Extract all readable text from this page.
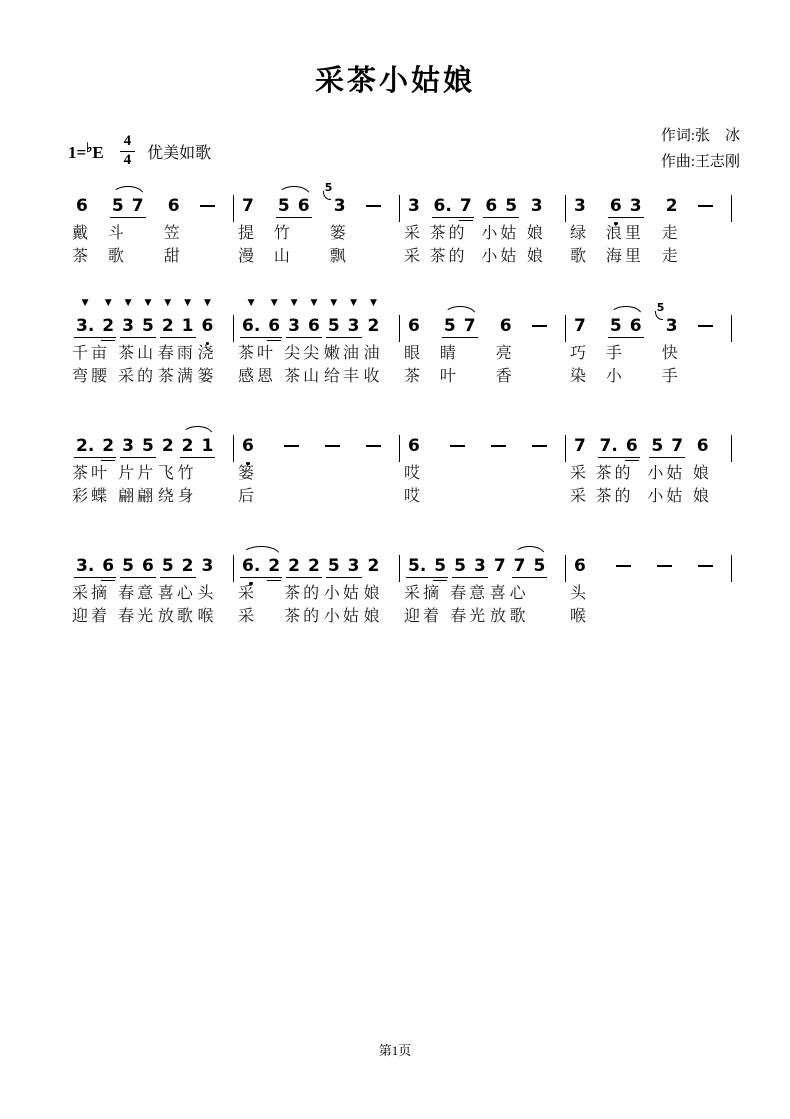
采茶小姑娘
$1=^♭E \frac{4}{4}$ 优美如歌
作词:张　冰
作曲:王志刚
6
戴
茶
5 7
斗
歌
6
笠
甜
7
提
漫
5 6
竹
山
3
5
篓
飘
3
采
采
6. 7
茶的
茶的
6 5
小姑
小姑
3
娘
娘
3
绿
歌
6 3
浪里
海里
2
走
走
3.
▼
2
▼
千亩
弯腰
3
▼
5
▼
茶山
采的
2
▼
1
▼
春雨
茶满
6
▼
浇
篓
6.
▼
6
▼
茶叶
感恩
3
▼
6
▼
尖尖
茶山
5
▼
3
▼
嫩油
给丰
2
▼
油
收
6
眼
茶
5 7
睛
叶
6
亮
香
7
巧
染
5 6
手
小
3
5
快
手
2. 2
茶叶
彩蝶
3 5
片片
翩翩
2
飞
绕
2 1
竹
身
6
篓
后
6
哎
哎
7
采
采
7. 6
茶的
茶的
5 7
小姑
小姑
6
娘
娘
3. 6
采摘
迎着
5 6
春意
春光
5 2
喜心
放歌
3
头
喉
6. 2
采
采
2 2
茶的
茶的
5 3
小姑
小姑
2
娘
娘
5. 5
采摘
迎着
5 3
春意
春光
7
喜
放
7 5
心
歌
6
头
喉
第1页
